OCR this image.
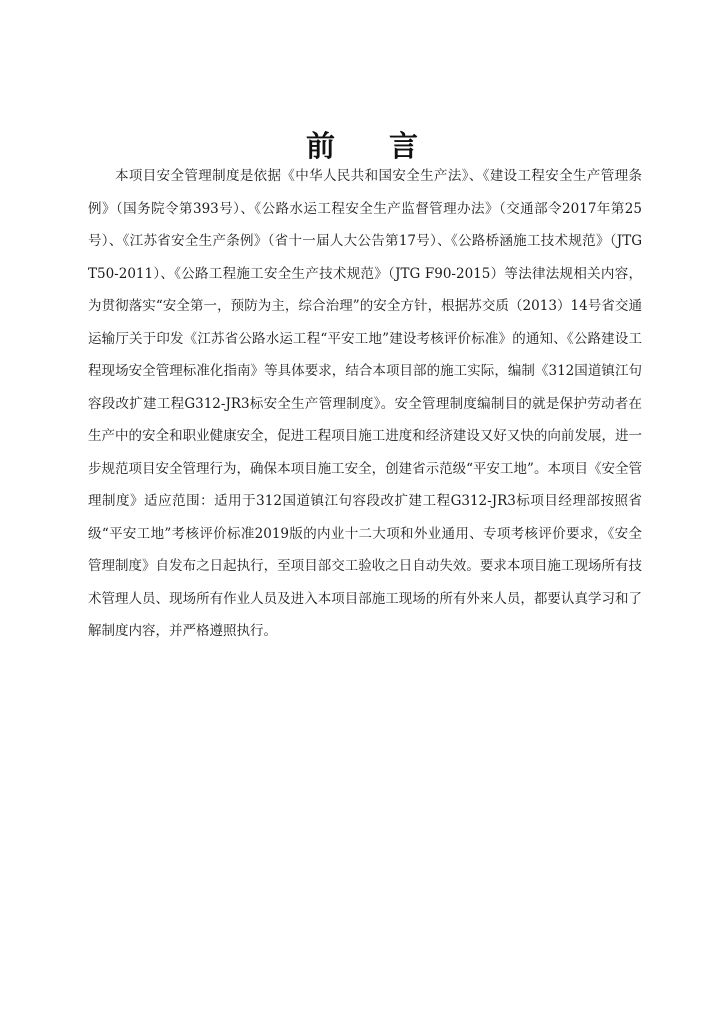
前 言

本项目安全管理制度是依据《中华人民共和国安全生产法》、《建设工程安全生产管理条例》（国务院令第393号）、《公路水运工程安全生产监督管理办法》（交通部令2017年第25号）、《江苏省安全生产条例》（省十一届人大公告第17号）、《公路桥涵施工技术规范》（JTG T50-2011）、《公路工程施工安全生产技术规范》（JTG F90-2015）等法律法规相关内容，为贯彻落实“安全第一，预防为主，综合治理”的安全方针，根据苏交质（2013）14号省交通运输厅关于印发《江苏省公路水运工程“平安工地”建设考核评价标准》的通知、《公路建设工程现场安全管理标准化指南》等具体要求，结合本项目部的施工实际，编制《312国道镇江句容段改扩建工程G312-JR3标安全生产管理制度》。安全管理制度编制目的就是保护劳动者在生产中的安全和职业健康安全，促进工程项目施工进度和经济建设又好又快的向前发展，进一步规范项目安全管理行为，确保本项目施工安全，创建省示范级“平安工地”。本项目《安全管理制度》适应范围：适用于312国道镇江句容段改扩建工程G312-JR3标项目经理部按照省级“平安工地”考核评价标准2019版的内业十二大项和外业通用、专项考核评价要求，《安全管理制度》自发布之日起执行，至项目部交工验收之日自动失效。要求本项目施工现场所有技术管理人员、现场所有作业人员及进入本项目部施工现场的所有外来人员，都要认真学习和了解制度内容，并严格遵照执行。
